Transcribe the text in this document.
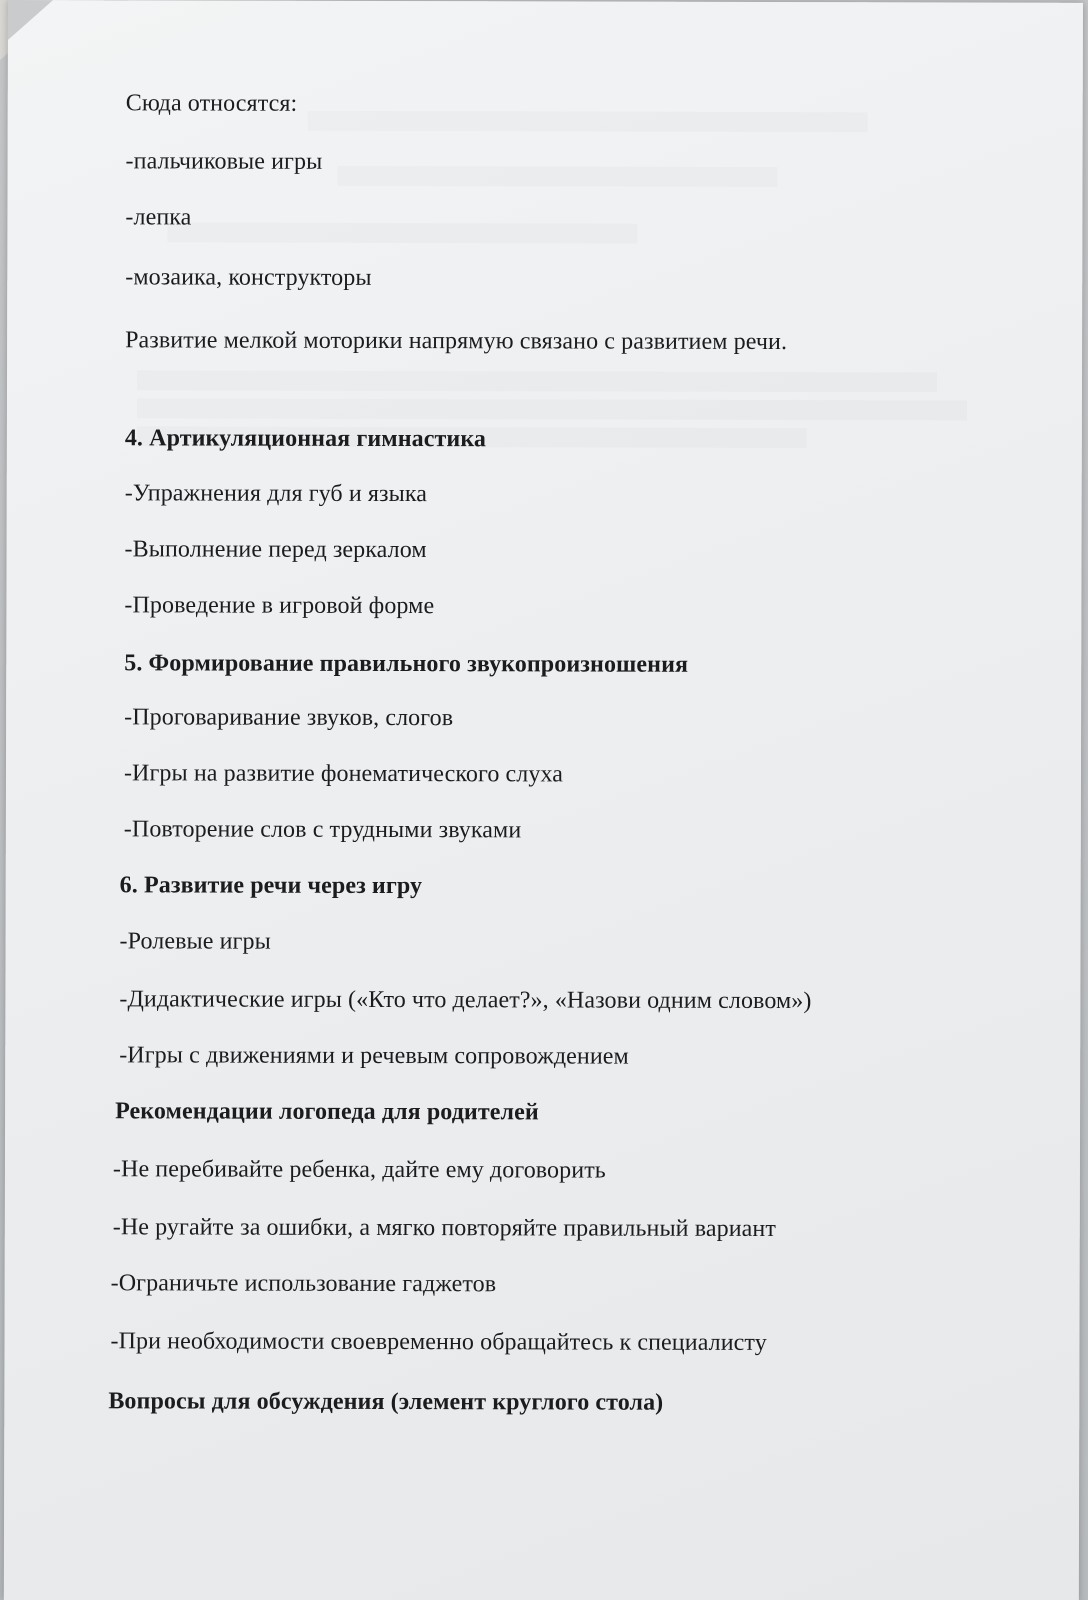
Сюда относятся:
-пальчиковые игры
-лепка
-мозаика, конструкторы
Развитие мелкой моторики напрямую связано с развитием речи.
4. Артикуляционная гимнастика
-Упражнения для губ и языка
-Выполнение перед зеркалом
-Проведение в игровой форме
5. Формирование правильного звукопроизношения
-Проговаривание звуков, слогов
-Игры на развитие фонематического слуха
-Повторение слов с трудными звуками
6. Развитие речи через игру
-Ролевые игры
-Дидактические игры («Кто что делает?», «Назови одним словом»)
-Игры с движениями и речевым сопровождением
Рекомендации логопеда для родителей
-Не перебивайте ребенка, дайте ему договорить
-Не ругайте за ошибки, а мягко повторяйте правильный вариант
-Ограничьте использование гаджетов
-При необходимости своевременно обращайтесь к специалисту
Вопросы для обсуждения (элемент круглого стола)
